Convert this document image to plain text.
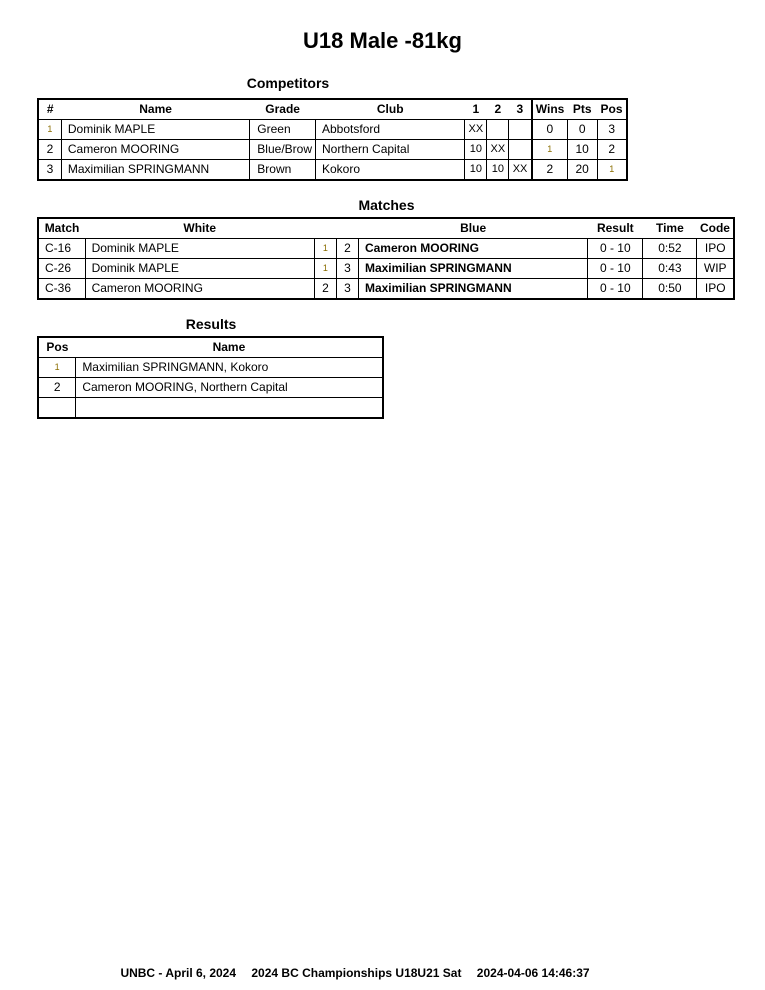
U18 Male -81kg
Competitors
#	Name	Grade	Club	1	2	3	Wins	Pts	Pos
1	Dominik MAPLE	Green	Abbotsford	XX			0	0	3
2	Cameron MOORING	Blue/Brow	Northern Capital	10	XX		1	10	2
3	Maximilian SPRINGMANN	Brown	Kokoro	10	10	XX	2	20	1
Matches
Match	White			Blue	Result	Time	Code
C-16	Dominik MAPLE	1	2	Cameron MOORING	0 - 10	0:52	IPO
C-26	Dominik MAPLE	1	3	Maximilian SPRINGMANN	0 - 10	0:43	WIP
C-36	Cameron MOORING	2	3	Maximilian SPRINGMANN	0 - 10	0:50	IPO
Results
Pos	Name
1	Maximilian SPRINGMANN, Kokoro
2	Cameron MOORING, Northern Capital

UNBC - April 6, 2024 2024 BC Championships U18U21 Sat 2024-04-06 14:46:37
